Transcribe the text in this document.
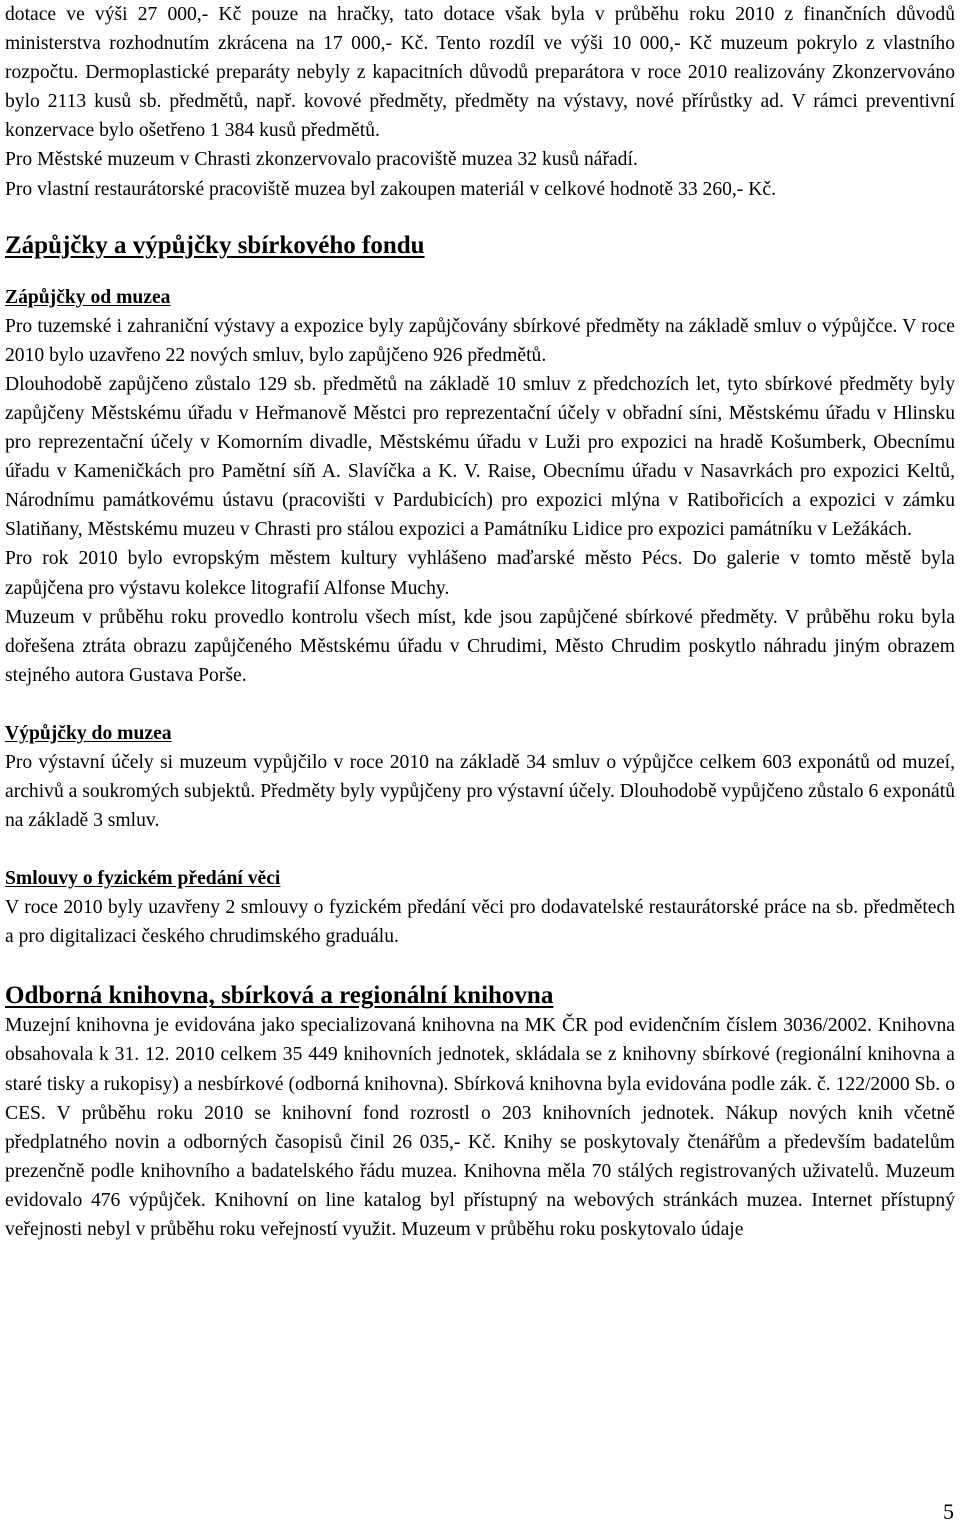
dotace ve výši 27 000,- Kč pouze na hračky, tato dotace však byla v průběhu roku 2010 z finančních důvodů ministerstva rozhodnutím zkrácena na 17 000,- Kč. Tento rozdíl ve výši 10 000,- Kč muzeum pokrylo z vlastního rozpočtu. Dermoplastické preparáty nebyly z kapacitních důvodů preparátora v roce 2010 realizovány Zkonzervováno bylo 2113 kusů sb. předmětů, např. kovové předměty, předměty na výstavy, nové přírůstky ad. V rámci preventivní konzervace bylo ošetřeno 1 384 kusů předmětů.

Pro Městské muzeum v Chrasti zkonzervovalo pracoviště muzea 32 kusů nářadí.

Pro vlastní restaurátorské pracoviště muzea byl zakoupen materiál v celkové hodnotě 33 260,- Kč.

Zápůjčky a výpůjčky sbírkového fondu
Zápůjčky od muzea

Pro tuzemské i zahraniční výstavy a expozice byly zapůjčovány sbírkové předměty na základě smluv o výpůjčce. V roce 2010 bylo uzavřeno 22 nových smluv, bylo zapůjčeno 926 předmětů.

Dlouhodobě zapůjčeno zůstalo 129 sb. předmětů na základě 10 smluv z předchozích let, tyto sbírkové předměty byly zapůjčeny Městskému úřadu v Heřmanově Městci pro reprezentační účely v obřadní síni, Městskému úřadu v Hlinsku pro reprezentační účely v Komorním divadle, Městskému úřadu v Luži pro expozici na hradě Košumberk, Obecnímu úřadu v Kameničkách pro Pamětní síň A. Slavíčka a K. V. Raise, Obecnímu úřadu v Nasavrkách pro expozici Keltů, Národnímu památkovému ústavu (pracovišti v Pardubicích) pro expozici mlýna v Ratibořicích a expozici v zámku Slatiňany, Městskému muzeu v Chrasti pro stálou expozici a Památníku Lidice pro expozici památníku v Ležákách.

Pro rok 2010 bylo evropským městem kultury vyhlášeno maďarské město Pécs. Do galerie v tomto městě byla zapůjčena pro výstavu kolekce litografií Alfonse Muchy.

Muzeum v průběhu roku provedlo kontrolu všech míst, kde jsou zapůjčené sbírkové předměty. V průběhu roku byla dořešena ztráta obrazu zapůjčeného Městskému úřadu v Chrudimi, Město Chrudim poskytlo náhradu jiným obrazem stejného autora Gustava Porše.

Výpůjčky do muzea

Pro výstavní účely si muzeum vypůjčilo v roce 2010 na základě 34 smluv o výpůjčce celkem 603 exponátů od muzeí, archivů a soukromých subjektů. Předměty byly vypůjčeny pro výstavní účely. Dlouhodobě vypůjčeno zůstalo 6 exponátů na základě 3 smluv.

Smlouvy o fyzickém předání věci

V roce 2010 byly uzavřeny 2 smlouvy o fyzickém předání věci pro dodavatelské restaurátorské práce na sb. předmětech a pro digitalizaci českého chrudimského graduálu.

Odborná knihovna, sbírková a regionální knihovna

Muzejní knihovna je evidována jako specializovaná knihovna na MK ČR pod evidenčním číslem 3036/2002. Knihovna obsahovala k 31. 12. 2010 celkem 35 449 knihovních jednotek, skládala se z knihovny sbírkové (regionální knihovna a staré tisky a rukopisy) a nesbírkové (odborná knihovna). Sbírková knihovna byla evidována podle zák. č. 122/2000 Sb. o CES. V průběhu roku 2010 se knihovní fond rozrostl o 203 knihovních jednotek. Nákup nových knih včetně předplatného novin a odborných časopisů činil 26 035,- Kč. Knihy se poskytovaly čtenářům a především badatelům prezenčně podle knihovního a badatelského řádu muzea. Knihovna měla 70 stálých registrovaných uživatelů. Muzeum evidovalo 476 výpůjček. Knihovní on line katalog byl přístupný na webových stránkách muzea. Internet přístupný veřejnosti nebyl v průběhu roku veřejností využit. Muzeum v průběhu roku poskytovalo údaje

5
